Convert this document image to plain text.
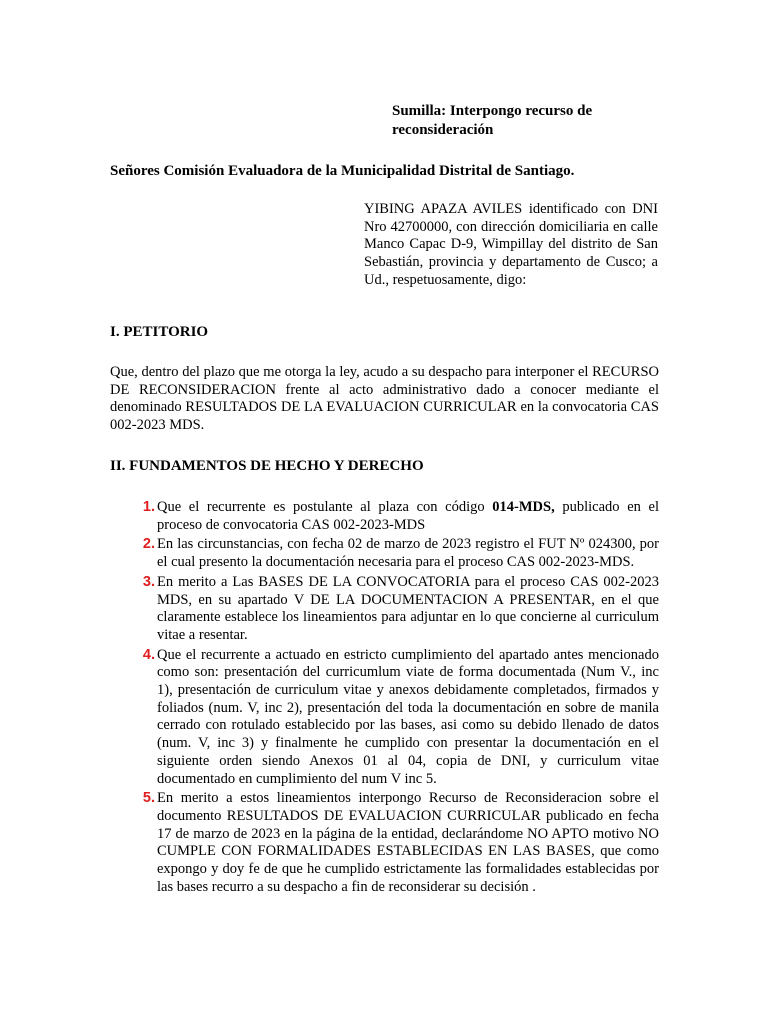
Sumilla: Interpongo recurso de reconsideración
Señores Comisión Evaluadora de la Municipalidad Distrital de Santiago.
YIBING APAZA AVILES identificado con DNI Nro 42700000, con dirección domiciliaria en calle Manco Capac D-9, Wimpillay del distrito de San Sebastián, provincia y departamento de Cusco; a Ud., respetuosamente, digo:
I. PETITORIO
Que, dentro del plazo que me otorga la ley, acudo a su despacho para interponer el RECURSO DE RECONSIDERACION frente al acto administrativo dado a conocer mediante el denominado RESULTADOS DE LA EVALUACION CURRICULAR en la convocatoria CAS 002-2023 MDS.
II. FUNDAMENTOS DE HECHO Y DERECHO
1. Que el recurrente es postulante al plaza con código 014-MDS, publicado en el proceso de convocatoria CAS 002-2023-MDS
2. En las circunstancias, con fecha 02 de marzo de 2023 registro el FUT Nº 024300, por el cual presento la documentación necesaria para el proceso CAS 002-2023-MDS.
3. En merito a Las BASES DE LA CONVOCATORIA para el proceso CAS 002-2023 MDS, en su apartado V DE LA DOCUMENTACION A PRESENTAR, en el que claramente establece los lineamientos para adjuntar en lo que concierne al curriculum vitae a resentar.
4. Que el recurrente a actuado en estricto cumplimiento del apartado antes mencionado como son: presentación del curricumlum viate de forma documentada (Num V., inc 1), presentación de curriculum vitae y anexos debidamente completados, firmados y foliados (num. V, inc 2), presentación del toda la documentación en sobre de manila cerrado con rotulado establecido por las bases, asi como su debido llenado de datos (num. V, inc 3) y finalmente he cumplido con presentar la documentación en el siguiente orden siendo Anexos 01 al 04, copia de DNI, y curriculum vitae documentado en cumplimiento del num V inc 5.
5. En merito a estos lineamientos interpongo Recurso de Reconsideracion sobre el documento RESULTADOS DE EVALUACION CURRICULAR publicado en fecha 17 de marzo de 2023 en la página de la entidad, declarándome NO APTO motivo NO CUMPLE CON FORMALIDADES ESTABLECIDAS EN LAS BASES, que como expongo y doy fe de que he cumplido estrictamente las formalidades establecidas por las bases recurro a su despacho a fin de reconsiderar su decisión .
